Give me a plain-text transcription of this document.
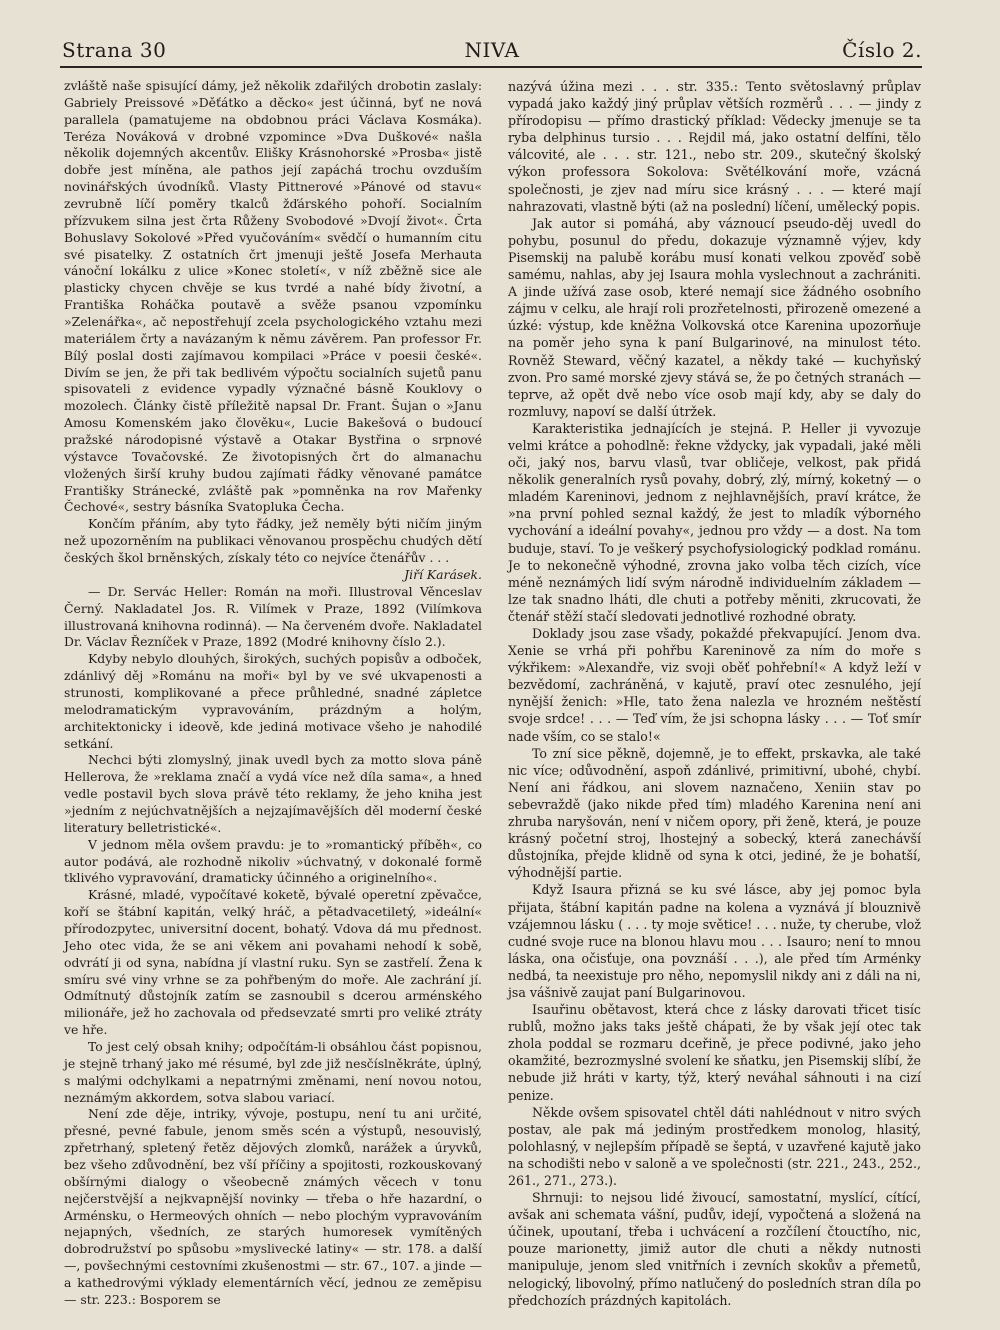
Strana 30	NIVA	Číslo 2.

zvláště naše spisující dámy, jež několik zdařilých drobotin zaslaly: Gabriely Preissové »Děťátko a děcko« jest účinná, byť ne nová parallela (pamatujeme na obdobnou práci Václava Kosmáka). Teréza Nováková v drobné vzpomince »Dva Duškové« našla několik dojemných akcentův. Elišky Krásnohorské »Prosba« jistě dobře jest míněna, ale pathos její zapáchá trochu ovzduším novinářských úvodníků. Vlasty Pittnerové »Pánové od stavu« zevrubně líčí poměry tkalců žďárského pohoří. Socialním přízvukem silna jest črta Růženy Svobodové »Dvojí život«. Črta Bohuslavy Sokolové »Před vyučováním« svědčí o humanním citu své pisatelky. Z ostatních črt jmenuji ještě Josefa Merhauta vánoční lokálku z ulice »Konec století«, v níž zběžně sice ale plasticky chycen chvěje se kus tvrdé a nahé bídy životní, a Františka Roháčka poutavě a svěže psanou vzpomínku »Zelenářka«, ač nepostřehují zcela psychologického vztahu mezi materiálem črty a navázaným k němu závěrem. Pan professor Fr. Bílý poslal dosti zajímavou kompilaci »Práce v poesii české«. Divím se jen, že při tak bedlivém výpočtu socialních sujetů panu spisovateli z evidence vypadly význačné básně Kouklovy o mozolech. Články čistě příležitě napsal Dr. Frant. Šujan o »Janu Amosu Komenském jako člověku«, Lucie Bakešová o budoucí pražské národopisné výstavě a Otakar Bystřina o srpnové výstavce Tovačovské. Ze životopisných črt do almanachu vložených širší kruhy budou zajímati řádky věnované památce Františky Stránecké, zvláště pak »pomněnka na rov Mařenky Čechové«, sestry básníka Svatopluka Čecha.

Končím přáním, aby tyto řádky, jež neměly býti ničím jiným než upozorněním na publikaci věnovanou prospěchu chudých dětí českých škol brněnských, získaly této co nejvíce čtenářův . . .

Jiří Karásek.

— Dr. Servác Heller: Román na moři. Illustroval Věnceslav Černý. Nakladatel Jos. R. Vilímek v Praze, 1892 (Vilímkova illustrovaná knihovna rodinná). — Na červeném dvoře. Nakladatel Dr. Václav Řezníček v Praze, 1892 (Modré knihovny číslo 2.).

Kdyby nebylo dlouhých, širokých, suchých popisův a odboček, zdánlivý děj »Románu na moři« byl by ve své ukvapenosti a strunosti, komplikované a přece průhledné, snadné zápletce melodramatickým vypravováním, prázdným a holým, architektonicky i ideově, kde jediná motivace všeho je nahodilé setkání.

Nechci býti zlomyslný, jinak uvedl bych za motto slova páně Hellerova, že »reklama značí a vydá více než díla sama«, a hned vedle postavil bych slova právě této reklamy, že jeho kniha jest »jedním z nejúchvatnějších a nejzajímavějších děl moderní české literatury belletristické«.

V jednom měla ovšem pravdu: je to »romantický příběh«, co autor podává, ale rozhodně nikoliv »úchvatný, v dokonalé formě tklivého vypravování, dramaticky účinného a originelního«.

Krásné, mladé, vypočítavé koketě, bývalé operetní zpěvačce, koří se štábní kapitán, velký hráč, a pětadvacetiletý, »ideální« přírodozpytec, universitní docent, bohatý. Vdova dá mu přednost. Jeho otec vida, že se ani věkem ani povahami nehodí k sobě, odvrátí ji od syna, nabídna jí vlastní ruku. Syn se zastřelí. Žena k smíru své viny vrhne se za pohřbeným do moře. Ale zachrání jí. Odmítnutý důstojník zatím se zasnoubil s dcerou arménského milionáře, jež ho zachovala od předsevzaté smrti pro veliké ztráty ve hře.

To jest celý obsah knihy; odpočítám-li obsáhlou část popisnou, je stejně trhaný jako mé résumé, byl zde již nesčíslněkráte, úplný, s malými odchylkami a nepatrnými změnami, není novou notou, neznámým akkordem, sotva slabou variací.

Není zde děje, intriky, vývoje, postupu, není tu ani určité, přesné, pevné fabule, jenom směs scén a výstupů, nesouvislý, zpřetrhaný, spletený řetěz dějových zlomků, narážek a úryvků, bez všeho zdůvodnění, bez vší příčiny a spojitosti, rozkouskovaný obšírnými dialogy o všeobecně známých věcech v tonu nejčerstvější a nejkvapnější novinky — třeba o hře hazardní, o Arménsku, o Hermeových ohních — nebo plochým vypravováním nejapných, všedních, ze starých humoresek vymítěných dobrodružství po spůsobu »myslivecké latiny« — str. 178. a další —, povšechnými cestovními zkušenostmi — str. 67., 107. a jinde — a kathedrovými výklady elementárních věcí, jednou ze zeměpisu — str. 223.: Bosporem se

nazývá úžina mezi . . . str. 335.: Tento světoslavný průplav vypadá jako každý jiný průplav větších rozměrů . . . — jindy z přírodopisu — přímo drastický příklad: Vědecky jmenuje se ta ryba delphinus tursio . . . Rejdil má, jako ostatní delfíni, tělo válcovité, ale . . . str. 121., nebo str. 209., skutečný školský výkon professora Sokolova: Světélkování moře, vzácná společnosti, je zjev nad míru sice krásný . . . — které mají nahrazovati, vlastně býti (až na poslední) líčení, umělecký popis.

Jak autor si pomáhá, aby váznoucí pseudo-děj uvedl do pohybu, posunul do předu, dokazuje významně výjev, kdy Pisemskij na palubě korábu musí konati velkou zpověď sobě samému, nahlas, aby jej Isaura mohla vyslechnout a zachrániti. A jinde užívá zase osob, které nemají sice žádného osobního zájmu v celku, ale hrají roli prozřetelnosti, přirozeně omezené a úzké: výstup, kde kněžna Volkovská otce Karenina upozorňuje na poměr jeho syna k paní Bulgarinové, na minulost této. Rovněž Steward, věčný kazatel, a někdy také — kuchyňský zvon. Pro samé morské zjevy stává se, že po četných stranách — teprve, až opět dvě nebo více osob mají kdy, aby se daly do rozmluvy, napoví se další útržek.

Karakteristika jednajících je stejná. P. Heller ji vyvozuje velmi krátce a pohodlně: řekne vždycky, jak vypadali, jaké měli oči, jaký nos, barvu vlasů, tvar obličeje, velkost, pak přidá několik generalních rysů povahy, dobrý, zlý, mírný, koketný — o mladém Kareninovi, jednom z nejhlavnějších, praví krátce, že »na první pohled seznal každý, že jest to mladík výborného vychování a ideální povahy«, jednou pro vždy — a dost. Na tom buduje, staví. To je veškerý psychofysiologický podklad románu. Je to nekonečně výhodné, zrovna jako volba těch cizích, více méně neznámých lidí svým národně individuelním základem — lze tak snadno lháti, dle chuti a potřeby měniti, zkrucovati, že čtenář stěží stačí sledovati jednotlivé rozhodné obraty.

Doklady jsou zase všady, pokaždé překvapující. Jenom dva. Xenie se vrhá při pohřbu Kareninově za ním do moře s výkřikem: »Alexandře, viz svoji oběť pohřební!« A když leží v bezvědomí, zachráněná, v kajutě, praví otec zesnulého, její nynější ženich: »Hle, tato žena nalezla ve hrozném neštěstí svoje srdce! . . . — Teď vím, že jsi schopna lásky . . . — Toť smír nade vším, co se stalo!«

To zní sice pěkně, dojemně, je to effekt, prskavka, ale také nic více; odůvodnění, aspoň zdánlivé, primitivní, ubohé, chybí. Není ani řádkou, ani slovem naznačeno, Xeniin stav po sebevraždě (jako nikde před tím) mladého Karenina není ani zhruba naryšován, není v ničem opory, při ženě, která, je pouze krásný početní stroj, lhostejný a sobecký, která zanechávší důstojníka, přejde klidně od syna k otci, jediné, že je bohatší, výhodnější partie.

Když Isaura přizná se ku své lásce, aby jej pomoc byla přijata, štábní kapitán padne na kolena a vyznává jí blouznivě vzájemnou lásku ( . . . ty moje světice! . . . nuže, ty cherube, vlož cudné svoje ruce na blonou hlavu mou . . . Isauro; není to mnou láska, ona očisťuje, ona povznáší . . .), ale před tím Arménky nedbá, ta neexistuje pro něho, nepomyslil nikdy ani z dáli na ni, jsa vášnivě zaujat paní Bulgarinovou.

Isauřinu obětavost, která chce z lásky darovati třicet tisíc rublů, možno jaks taks ještě chápati, že by však její otec tak zhola poddal se rozmaru dceřině, je přece podivné, jako jeho okamžité, bezrozmyslné svolení ke sňatku, jen Pisemskij slíbí, že nebude již hráti v karty, týž, který neváhal sáhnouti i na cizí penize.

Někde ovšem spisovatel chtěl dáti nahlédnout v nitro svých postav, ale pak má jediným prostředkem monolog, hlasitý, polohlasný, v nejlepším případě se šeptá, v uzavřené kajutě jako na schodišti nebo v saloně a ve společnosti (str. 221., 243., 252., 261., 271., 273.).

Shrnuji: to nejsou lidé živoucí, samostatní, myslící, cítící, avšak ani schemata vášní, pudův, idejí, vypočtená a složená na účinek, upoutaní, třeba i uchvácení a rozčílení čtouctího, nic, pouze marionetty, jimiž autor dle chuti a někdy nutnosti manipuluje, jenom sled vnitřních i zevních skokův a přemetů, nelogický, libovolný, přímo natlučený do posledních stran díla po předchozích prázdných kapitolách.
